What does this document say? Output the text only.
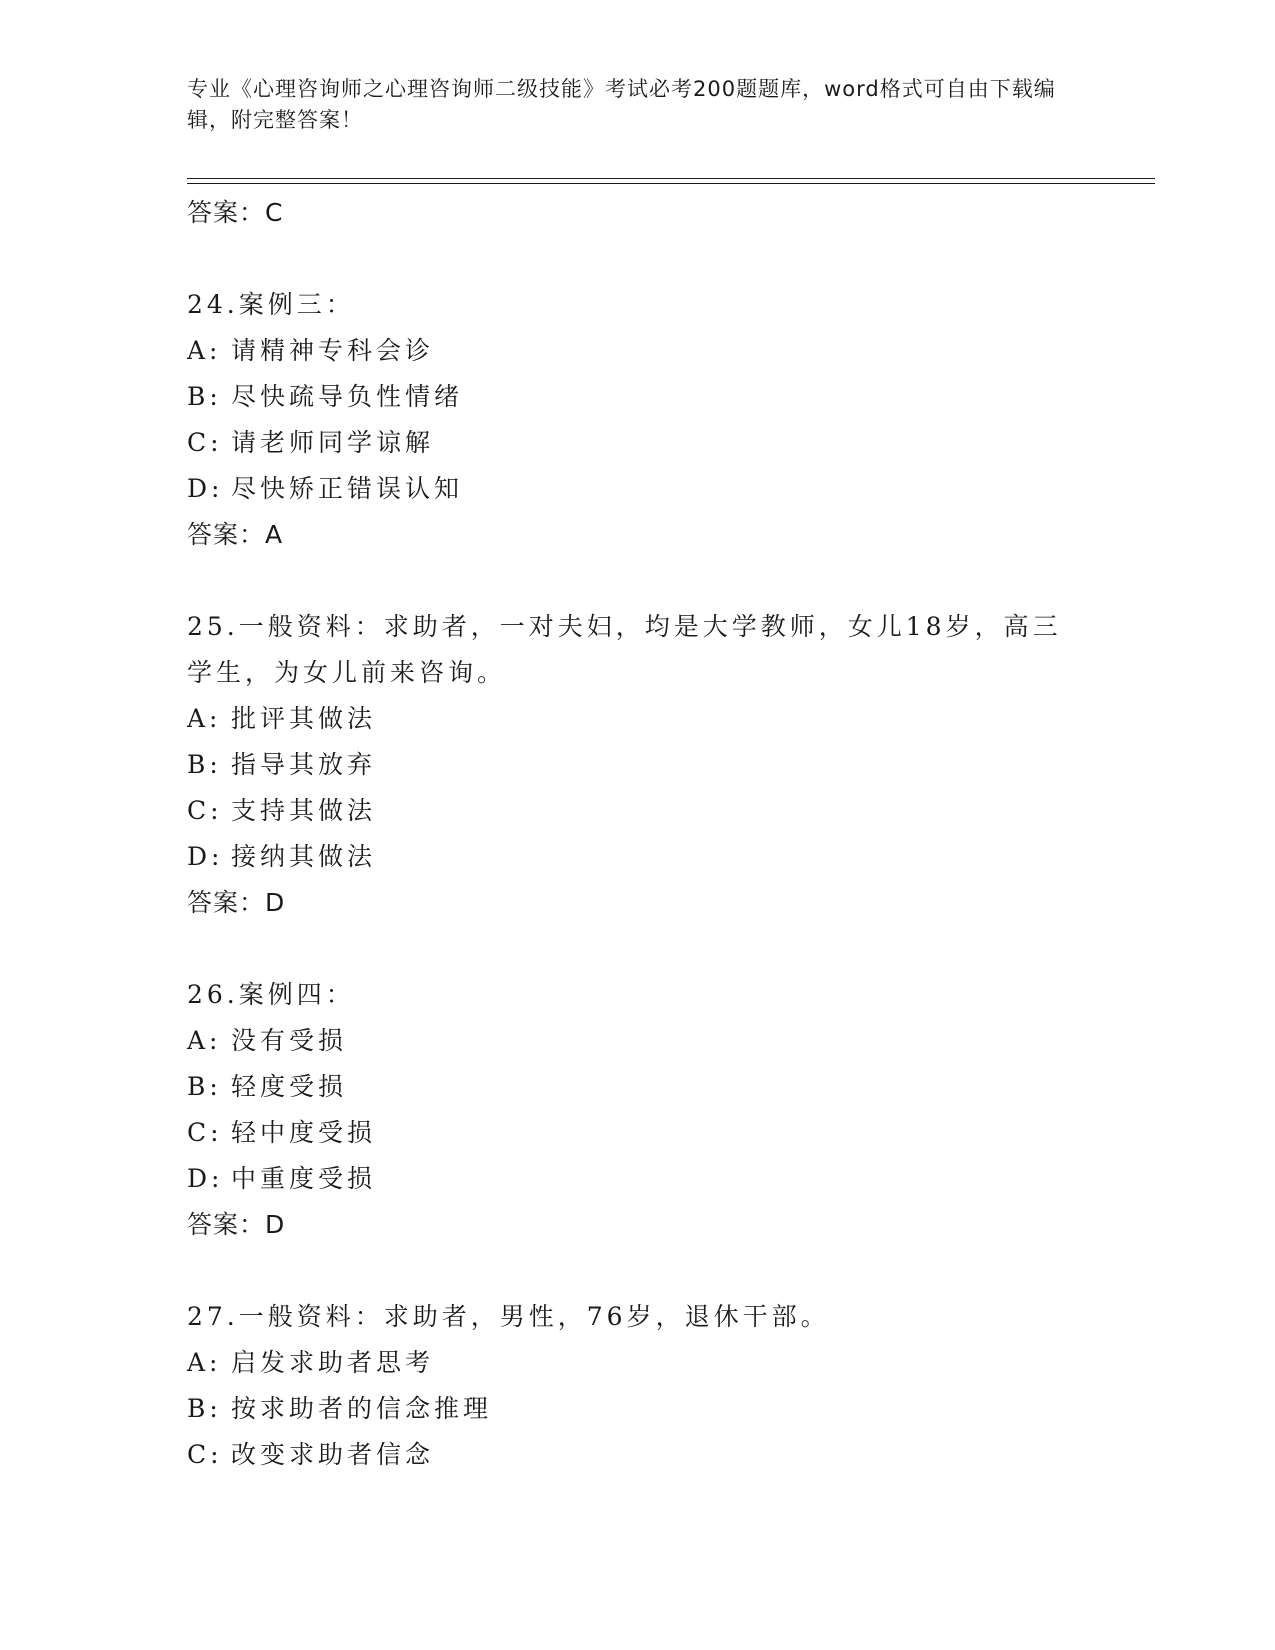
专业《心理咨询师之心理咨询师二级技能》考试必考200题题库，word格式可自由下载编辑，附完整答案！
答案：C
24.案例三：
A: 请精神专科会诊
B: 尽快疏导负性情绪
C: 请老师同学谅解
D: 尽快矫正错误认知
答案：A
25.一般资料：求助者，一对夫妇，均是大学教师，女儿18岁，高三学生，为女儿前来咨询。
A: 批评其做法
B: 指导其放弃
C: 支持其做法
D: 接纳其做法
答案：D
26.案例四：
A: 没有受损
B: 轻度受损
C: 轻中度受损
D: 中重度受损
答案：D
27.一般资料：求助者，男性，76岁，退休干部。
A: 启发求助者思考
B: 按求助者的信念推理
C: 改变求助者信念
